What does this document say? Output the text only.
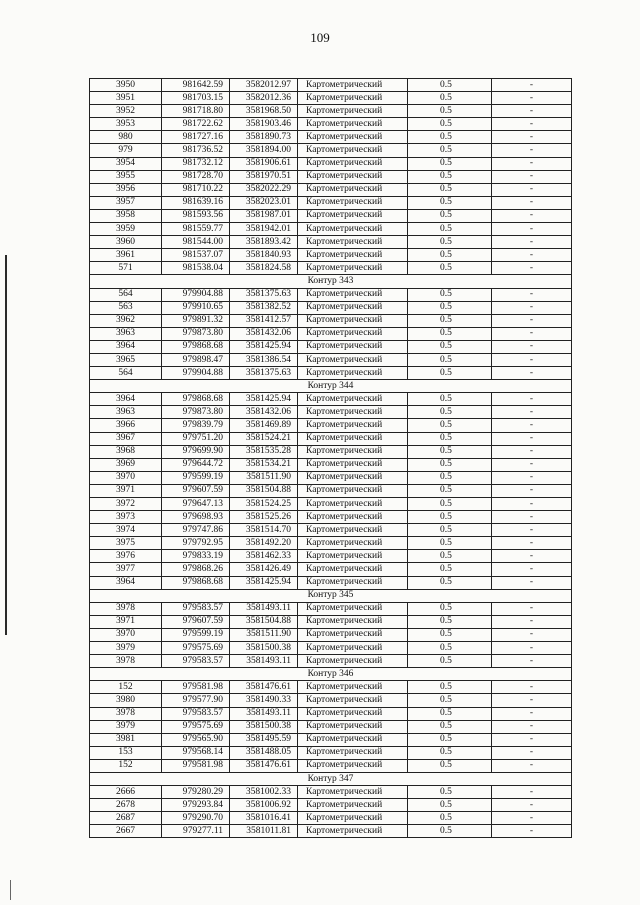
109
3950	981642.59	3582012.97	Картометрический	0.5	-
3951	981703.15	3582012.36	Картометрический	0.5	-
3952	981718.80	3581968.50	Картометрический	0.5	-
3953	981722.62	3581903.46	Картометрический	0.5	-
980	981727.16	3581890.73	Картометрический	0.5	-
979	981736.52	3581894.00	Картометрический	0.5	-
3954	981732.12	3581906.61	Картометрический	0.5	-
3955	981728.70	3581970.51	Картометрический	0.5	-
3956	981710.22	3582022.29	Картометрический	0.5	-
3957	981639.16	3582023.01	Картометрический	0.5	-
3958	981593.56	3581987.01	Картометрический	0.5	-
3959	981559.77	3581942.01	Картометрический	0.5	-
3960	981544.00	3581893.42	Картометрический	0.5	-
3961	981537.07	3581840.93	Картометрический	0.5	-
571	981538.04	3581824.58	Картометрический	0.5	-
Контур 343					
564	979904.88	3581375.63	Картометрический	0.5	-
563	979910.65	3581382.52	Картометрический	0.5	-
3962	979891.32	3581412.57	Картометрический	0.5	-
3963	979873.80	3581432.06	Картометрический	0.5	-
3964	979868.68	3581425.94	Картометрический	0.5	-
3965	979898.47	3581386.54	Картометрический	0.5	-
564	979904.88	3581375.63	Картометрический	0.5	-
Контур 344					
3964	979868.68	3581425.94	Картометрический	0.5	-
3963	979873.80	3581432.06	Картометрический	0.5	-
3966	979839.79	3581469.89	Картометрический	0.5	-
3967	979751.20	3581524.21	Картометрический	0.5	-
3968	979699.90	3581535.28	Картометрический	0.5	-
3969	979644.72	3581534.21	Картометрический	0.5	-
3970	979599.19	3581511.90	Картометрический	0.5	-
3971	979607.59	3581504.88	Картометрический	0.5	-
3972	979647.13	3581524.25	Картометрический	0.5	-
3973	979698.93	3581525.26	Картометрический	0.5	-
3974	979747.86	3581514.70	Картометрический	0.5	-
3975	979792.95	3581492.20	Картометрический	0.5	-
3976	979833.19	3581462.33	Картометрический	0.5	-
3977	979868.26	3581426.49	Картометрический	0.5	-
3964	979868.68	3581425.94	Картометрический	0.5	-
Контур 345					
3978	979583.57	3581493.11	Картометрический	0.5	-
3971	979607.59	3581504.88	Картометрический	0.5	-
3970	979599.19	3581511.90	Картометрический	0.5	-
3979	979575.69	3581500.38	Картометрический	0.5	-
3978	979583.57	3581493.11	Картометрический	0.5	-
Контур 346					
152	979581.98	3581476.61	Картометрический	0.5	-
3980	979577.90	3581490.33	Картометрический	0.5	-
3978	979583.57	3581493.11	Картометрический	0.5	-
3979	979575.69	3581500.38	Картометрический	0.5	-
3981	979565.90	3581495.59	Картометрический	0.5	-
153	979568.14	3581488.05	Картометрический	0.5	-
152	979581.98	3581476.61	Картометрический	0.5	-
Контур 347					
2666	979280.29	3581002.33	Картометрический	0.5	-
2678	979293.84	3581006.92	Картометрический	0.5	-
2687	979290.70	3581016.41	Картометрический	0.5	-
2667	979277.11	3581011.81	Картометрический	0.5	-
